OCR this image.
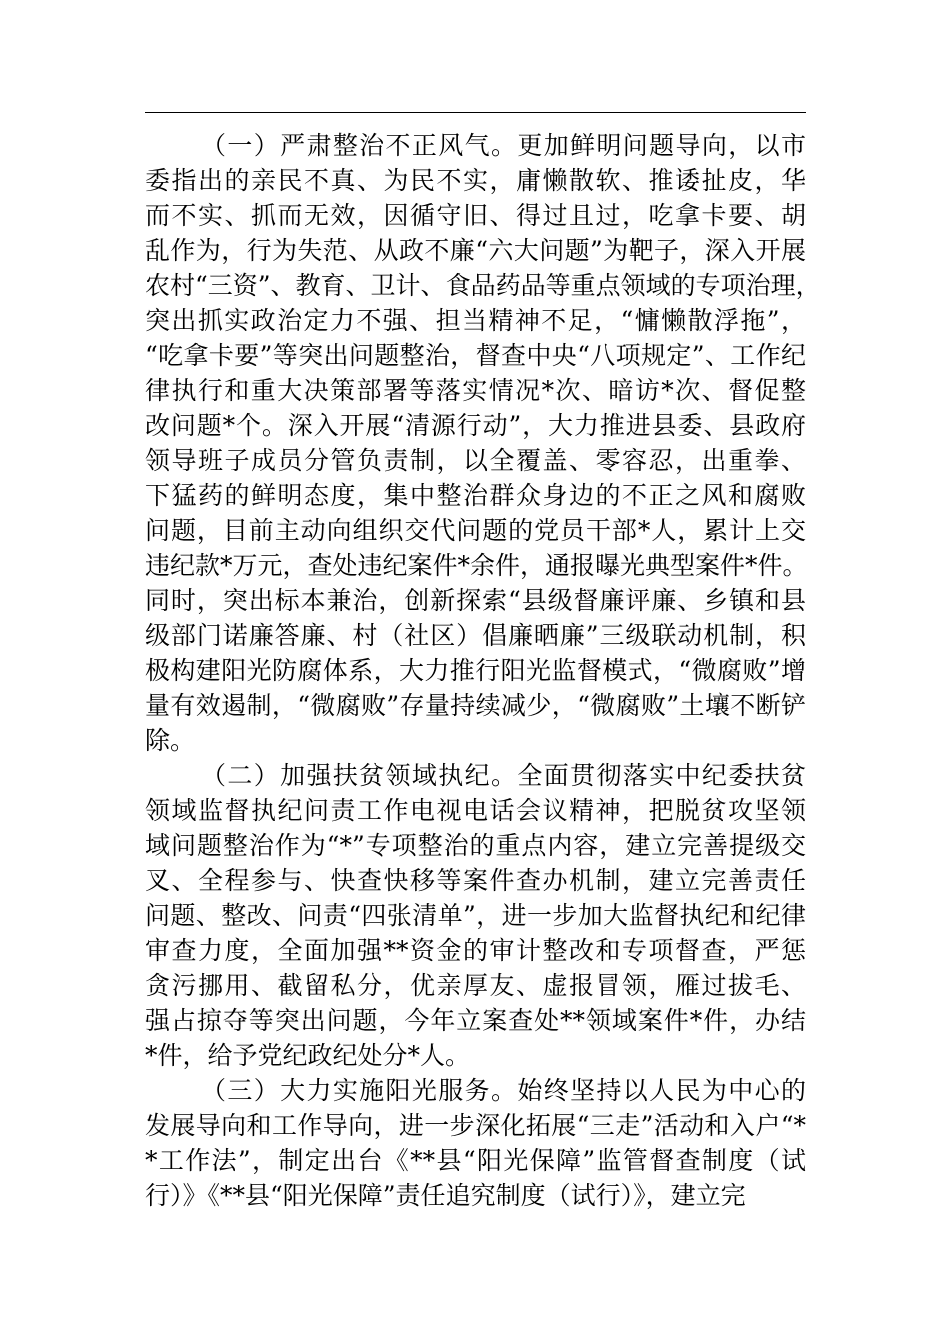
（一）严肃整治不正风气。更加鲜明问题导向，以市
委指出的亲民不真、为民不实，庸懒散软、推诿扯皮，华
而不实、抓而无效，因循守旧、得过且过，吃拿卡要、胡
乱作为，行为失范、从政不廉“六大问题”为靶子，深入开展
农村“三资”、教育、卫计、食品药品等重点领域的专项治理，
突出抓实政治定力不强、担当精神不足，“慵懒散浮拖”，
“吃拿卡要”等突出问题整治，督查中央“八项规定”、工作纪
律执行和重大决策部署等落实情况*次、暗访*次、督促整
改问题*个。深入开展“清源行动”，大力推进县委、县政府
领导班子成员分管负责制，以全覆盖、零容忍，出重拳、
下猛药的鲜明态度，集中整治群众身边的不正之风和腐败
问题，目前主动向组织交代问题的党员干部*人，累计上交
违纪款*万元，查处违纪案件*余件，通报曝光典型案件*件。
同时，突出标本兼治，创新探索“县级督廉评廉、乡镇和县
级部门诺廉答廉、村（社区）倡廉晒廉”三级联动机制，积
极构建阳光防腐体系，大力推行阳光监督模式，“微腐败”增
量有效遏制，“微腐败”存量持续减少，“微腐败”土壤不断铲
除。
（二）加强扶贫领域执纪。全面贯彻落实中纪委扶贫
领域监督执纪问责工作电视电话会议精神，把脱贫攻坚领
域问题整治作为“*”专项整治的重点内容，建立完善提级交
叉、全程参与、快查快移等案件查办机制，建立完善责任
问题、整改、问责“四张清单”，进一步加大监督执纪和纪律
审查力度，全面加强**资金的审计整改和专项督查，严惩
贪污挪用、截留私分，优亲厚友、虚报冒领，雁过拔毛、
强占掠夺等突出问题，今年立案查处**领域案件*件，办结
*件，给予党纪政纪处分*人。
（三）大力实施阳光服务。始终坚持以人民为中心的
发展导向和工作导向，进一步深化拓展“三走”活动和入户“*
*工作法”，制定出台《**县“阳光保障”监管督查制度（试
行）》《**县“阳光保障”责任追究制度（试行）》，建立完
